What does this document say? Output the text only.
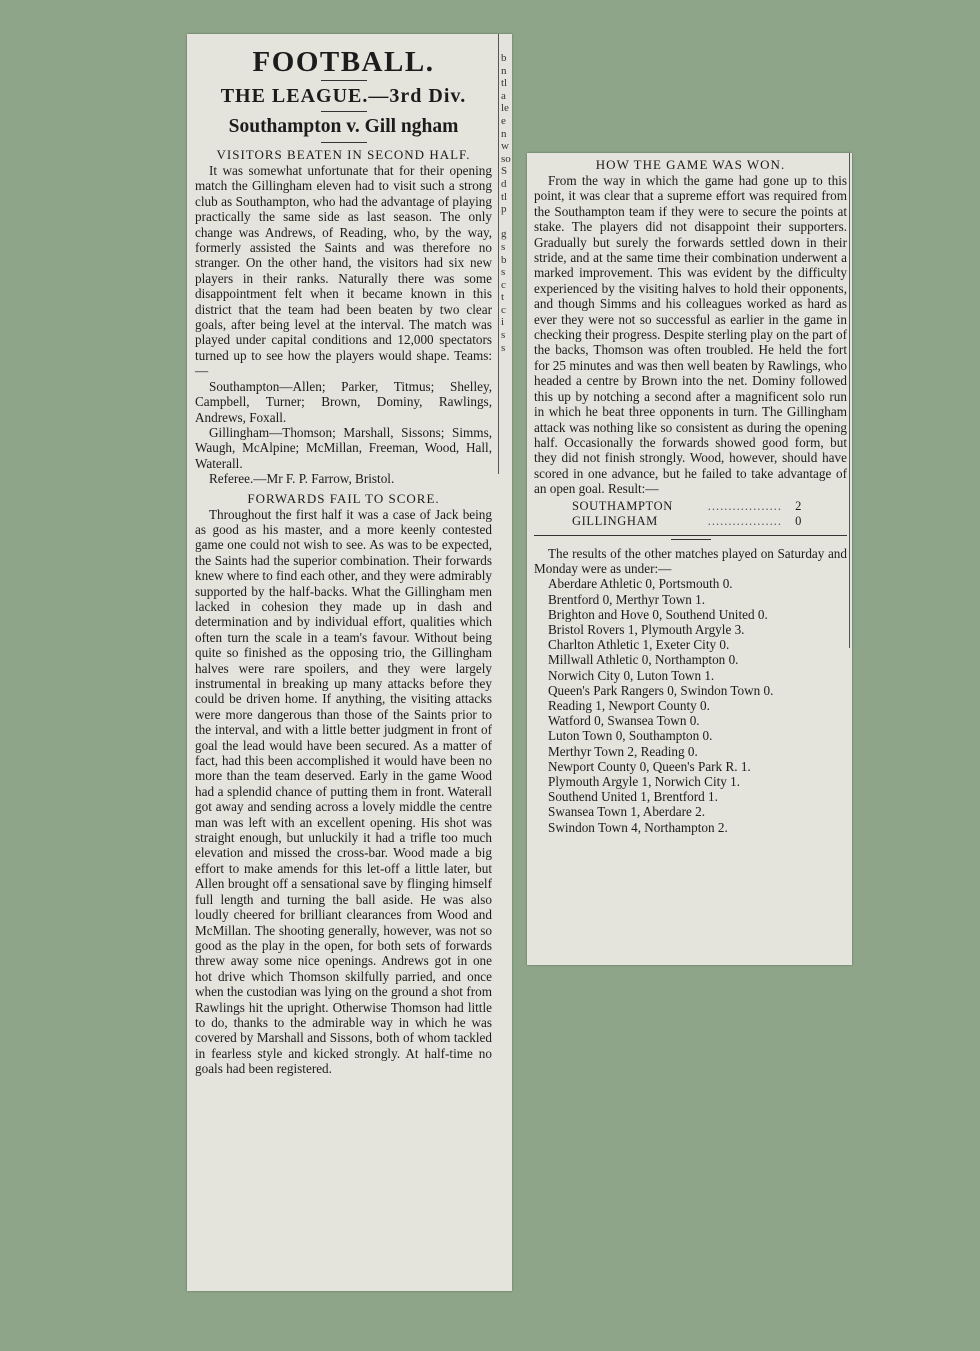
FOOTBALL.
THE LEAGUE.—3rd Div.
Southampton v. Gill ngham
VISITORS BEATEN IN SECOND HALF.

It was somewhat unfortunate that for their opening match the Gillingham eleven had to visit such a strong club as Southampton, who had the advantage of playing practically the same side as last season. The only change was Andrews, of Reading, who, by the way, formerly assisted the Saints and was therefore no stranger. On the other hand, the visitors had six new players in their ranks. Naturally there was some disappointment felt when it became known in this district that the team had been beaten by two clear goals, after being level at the interval. The match was played under capital conditions and 12,000 spectators turned up to see how the players would shape. Teams:—

Southampton—Allen; Parker, Titmus; Shelley, Campbell, Turner; Brown, Dominy, Rawlings, Andrews, Foxall.

Gillingham—Thomson; Marshall, Sissons; Simms, Waugh, McAlpine; McMillan, Freeman, Wood, Hall, Waterall.

Referee.—Mr F. P. Farrow, Bristol.

FORWARDS FAIL TO SCORE.

Throughout the first half it was a case of Jack being as good as his master, and a more keenly contested game one could not wish to see. As was to be expected, the Saints had the superior combination. Their forwards knew where to find each other, and they were admirably supported by the half-backs. What the Gillingham men lacked in cohesion they made up in dash and determination and by individual effort, qualities which often turn the scale in a team's favour. Without being quite so finished as the opposing trio, the Gillingham halves were rare spoilers, and they were largely instrumental in breaking up many attacks before they could be driven home. If anything, the visiting attacks were more dangerous than those of the Saints prior to the interval, and with a little better judgment in front of goal the lead would have been secured. As a matter of fact, had this been accomplished it would have been no more than the team deserved. Early in the game Wood had a splendid chance of putting them in front. Waterall got away and sending across a lovely middle the centre man was left with an excellent opening. His shot was straight enough, but unluckily it had a trifle too much elevation and missed the cross-bar. Wood made a big effort to make amends for this let-off a little later, but Allen brought off a sensational save by flinging himself full length and turning the ball aside. He was also loudly cheered for brilliant clearances from Wood and McMillan. The shooting generally, however, was not so good as the play in the open, for both sets of forwards threw away some nice openings. Andrews got in one hot drive which Thomson skilfully parried, and once when the custodian was lying on the ground a shot from Rawlings hit the upright. Otherwise Thomson had little to do, thanks to the admirable way in which he was covered by Marshall and Sissons, both of whom tackled in fearless style and kicked strongly. At half-time no goals had been registered.

b
n
tl
a
le
e
n
w
so
S
d
tl
p

g
s
b
s
c
t
c
i
s
s
HOW THE GAME WAS WON.

From the way in which the game had gone up to this point, it was clear that a supreme effort was required from the Southampton team if they were to secure the points at stake. The players did not disappoint their supporters. Gradually but surely the forwards settled down in their stride, and at the same time their combination underwent a marked improvement. This was evident by the difficulty experienced by the visiting halves to hold their opponents, and though Simms and his colleagues worked as hard as ever they were not so successful as earlier in the game in checking their progress. Despite sterling play on the part of the backs, Thomson was often troubled. He held the fort for 25 minutes and was then well beaten by Rawlings, who headed a centre by Brown into the net. Dominy followed this up by notching a second after a magnificent solo run in which he beat three opponents in turn. The Gillingham attack was nothing like so consistent as during the opening half. Occasionally the forwards showed good form, but they did not finish strongly. Wood, however, should have scored in one advance, but he failed to take advantage of an open goal. Result:—

SOUTHAMPTON	..................	2
GILLINGHAM	..................	0

The results of the other matches played on Saturday and Monday were as under:—

Aberdare Athletic 0, Portsmouth 0.
Brentford 0, Merthyr Town 1.
Brighton and Hove 0, Southend United 0.
Bristol Rovers 1, Plymouth Argyle 3.
Charlton Athletic 1, Exeter City 0.
Millwall Athletic 0, Northampton 0.
Norwich City 0, Luton Town 1.
Queen's Park Rangers 0, Swindon Town 0.
Reading 1, Newport County 0.
Watford 0, Swansea Town 0.
Luton Town 0, Southampton 0.
Merthyr Town 2, Reading 0.
Newport County 0, Queen's Park R. 1.
Plymouth Argyle 1, Norwich City 1.
Southend United 1, Brentford 1.
Swansea Town 1, Aberdare 2.
Swindon Town 4, Northampton 2.
